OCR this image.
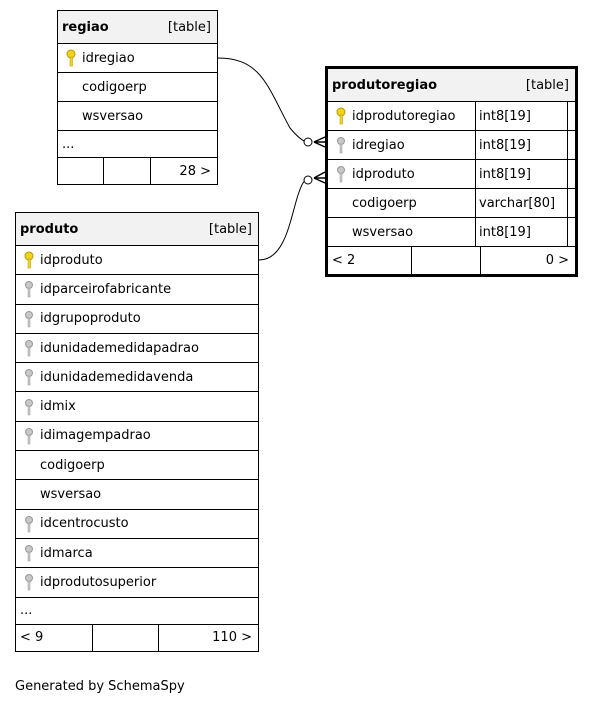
regiao	[table]
idregiao
codigoerp
wsversao
...
28 >
produtoregiao	[table]
idprodutoregiao	int8[19]
idregiao	int8[19]
idproduto	int8[19]
codigoerp	varchar[80]
wsversao	int8[19]
< 2	0 >
produto	[table]
idproduto
idparceirofabricante
idgrupoproduto
idunidademedidapadrao
idunidademedidavenda
idmix
idimagempadrao
codigoerp
wsversao
idcentrocusto
idmarca
idprodutosuperior
...
< 9	110 >
Generated by SchemaSpy
